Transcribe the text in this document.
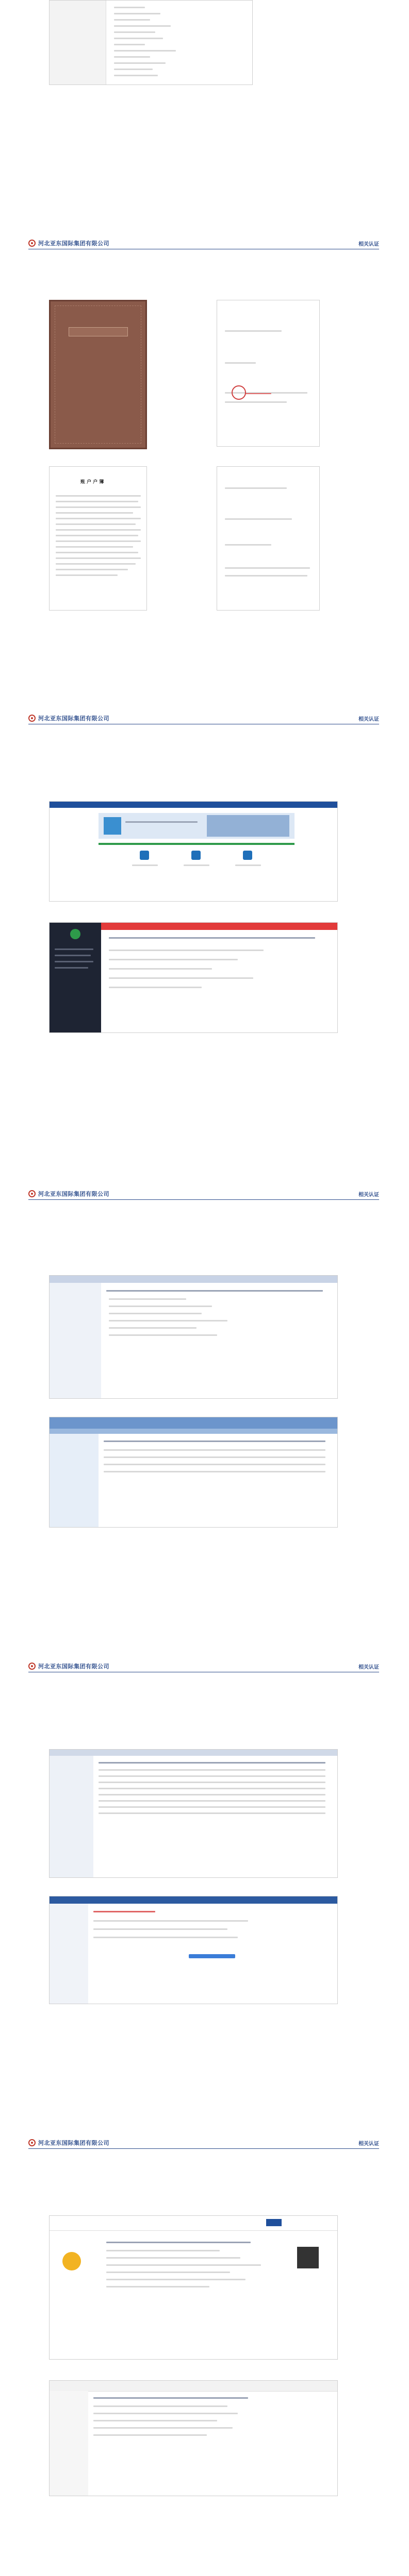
河北亚东国际集团有限公司	相关认证
账 户 户 簿
河北亚东国际集团有限公司	相关认证
河北亚东国际集团有限公司	相关认证
河北亚东国际集团有限公司	相关认证
河北亚东国际集团有限公司	相关认证
